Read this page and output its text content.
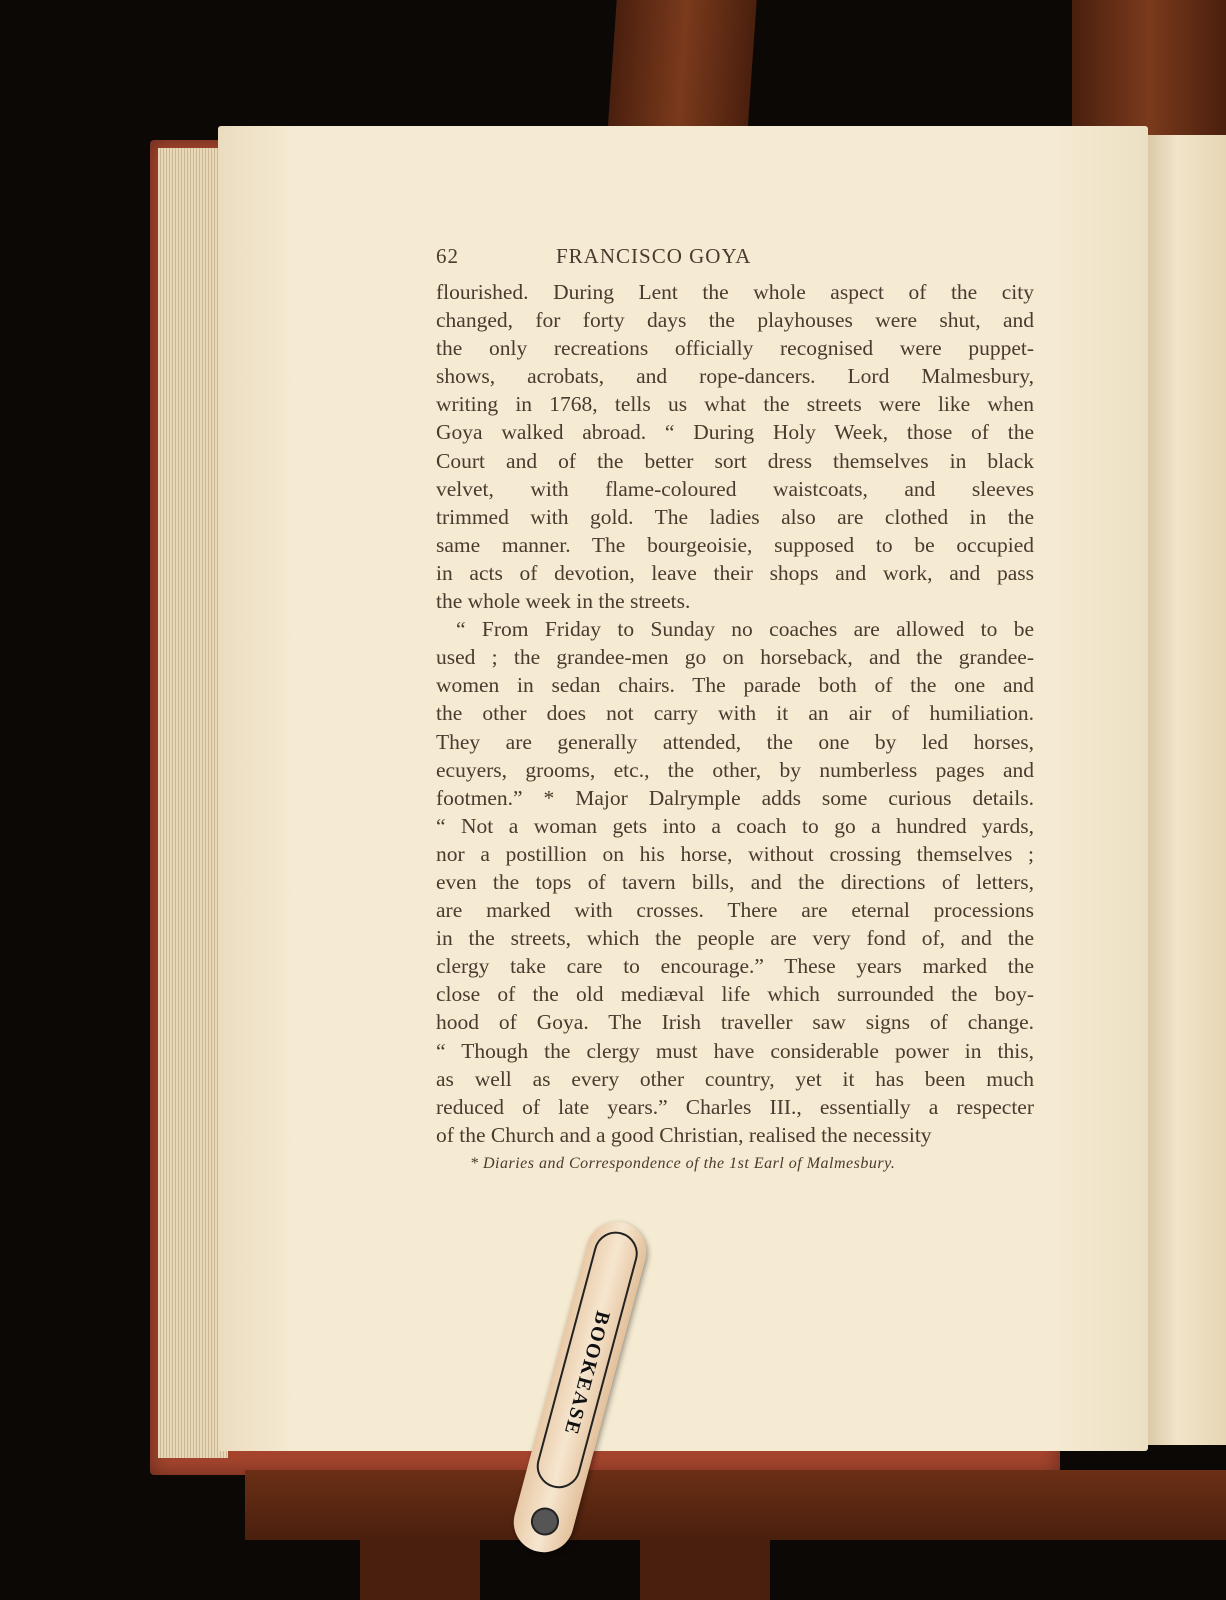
62	FRANCISCO GOYA
flourished. During Lent the whole aspect of the city
changed, for forty days the playhouses were shut, and
the only recreations officially recognised were puppet-
shows, acrobats, and rope-dancers. Lord Malmesbury,
writing in 1768, tells us what the streets were like when
Goya walked abroad. “ During Holy Week, those of the
Court and of the better sort dress themselves in black
velvet, with flame-coloured waistcoats, and sleeves
trimmed with gold. The ladies also are clothed in the
same manner. The bourgeoisie, supposed to be occupied
in acts of devotion, leave their shops and work, and pass
the whole week in the streets.
“ From Friday to Sunday no coaches are allowed to be
used ; the grandee-men go on horseback, and the grandee-
women in sedan chairs. The parade both of the one and
the other does not carry with it an air of humiliation.
They are generally attended, the one by led horses,
ecuyers, grooms, etc., the other, by numberless pages and
footmen.” * Major Dalrymple adds some curious details.
“ Not a woman gets into a coach to go a hundred yards,
nor a postillion on his horse, without crossing themselves ;
even the tops of tavern bills, and the directions of letters,
are marked with crosses. There are eternal processions
in the streets, which the people are very fond of, and the
clergy take care to encourage.” These years marked the
close of the old mediæval life which surrounded the boy-
hood of Goya. The Irish traveller saw signs of change.
“ Though the clergy must have considerable power in this,
as well as every other country, yet it has been much
reduced of late years.” Charles III., essentially a respecter
of the Church and a good Christian, realised the necessity
* Diaries and Correspondence of the 1st Earl of Malmesbury.
BOOKEASE
